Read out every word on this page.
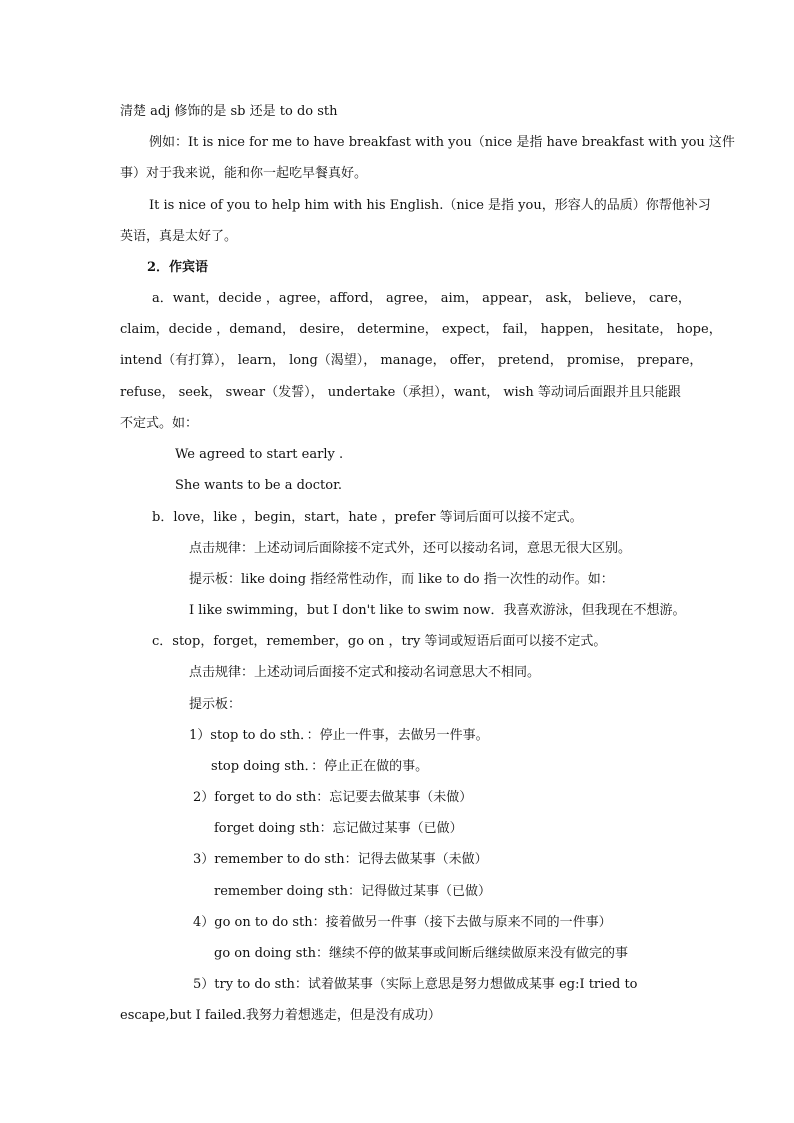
清楚 adj 修饰的是 sb 还是 to do sth
例如：It is nice for me to have breakfast with you（nice 是指 have breakfast with you 这件
事）对于我来说，能和你一起吃早餐真好。
It is nice of you to help him with his English.（nice 是指 you，形容人的品质）你帮他补习
英语，真是太好了。
2．作宾语
a．want，decide ，agree，afford， agree， aim， appear， ask， believe， care，
claim，decide ，demand， desire， determine， expect， fail， happen， hesitate， hope，
intend（有打算）， learn， long（渴望）， manage， offer， pretend， promise， prepare，
refuse， seek， swear（发誓）， undertake（承担），want， wish 等动词后面跟并且只能跟
不定式。如：
We agreed to start early .
She wants to be a doctor.
b．love，like ，begin，start，hate ，prefer 等词后面可以接不定式。
点击规律：上述动词后面除接不定式外，还可以接动名词，意思无很大区别。
提示板：like doing 指经常性动作，而 like to do 指一次性的动作。如：
I like swimming，but I don't like to swim now．我喜欢游泳，但我现在不想游。
c．stop，forget，remember，go on ，try 等词或短语后面可以接不定式。
点击规律：上述动词后面接不定式和接动名词意思大不相同。
提示板：
1）stop to do sth．：停止一件事，去做另一件事。
stop doing sth．：停止正在做的事。
2）forget to do sth：忘记要去做某事（未做）
forget doing sth：忘记做过某事（已做）
3）remember to do sth：记得去做某事（未做）
remember doing sth：记得做过某事（已做）
4）go on to do sth：接着做另一件事（接下去做与原来不同的一件事）
go on doing sth：继续不停的做某事或间断后继续做原来没有做完的事
5）try to do sth：试着做某事（实际上意思是努力想做成某事 eg:I tried to
escape,but I failed.我努力着想逃走，但是没有成功）
